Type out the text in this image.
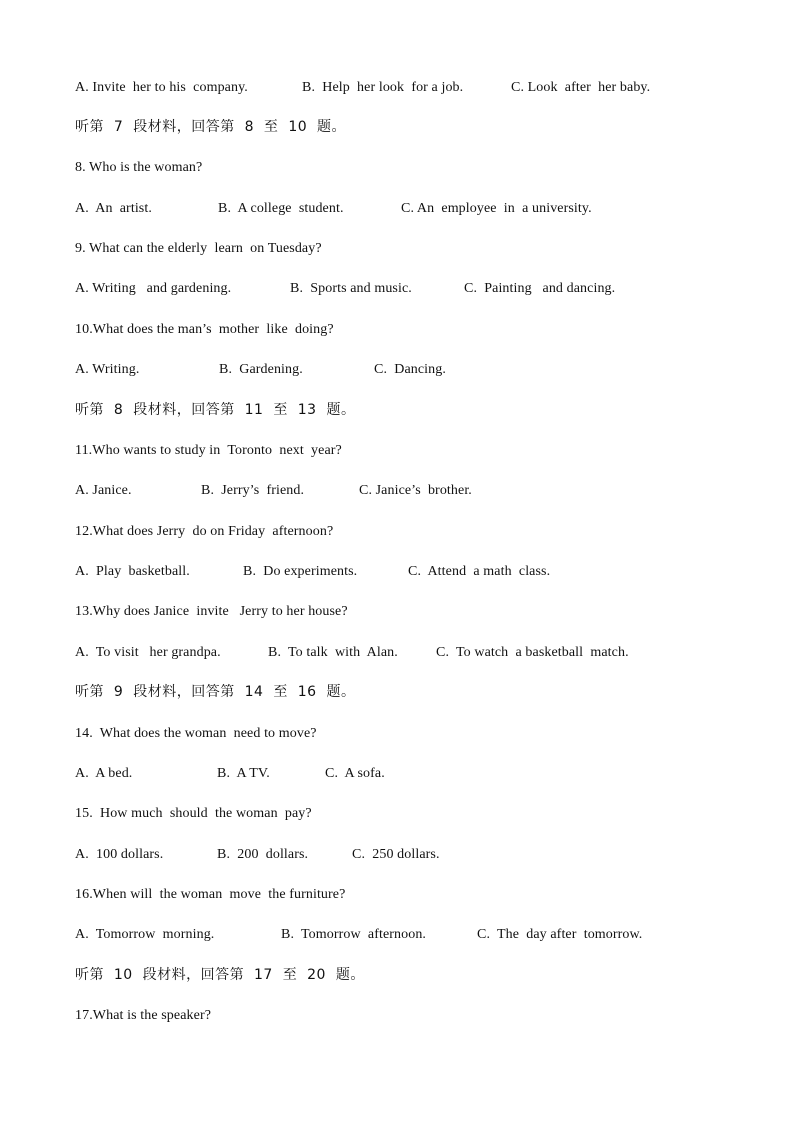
A. Invite  her to his  company.	B.  Help  her look  for a job.	C. Look  after  her baby.
听第  7  段材料，回答第  8  至  10  题。
8. Who is the woman?
A.  An  artist.	B.  A college  student.	C. An  employee  in  a university.
9. What can the elderly  learn  on Tuesday?
A. Writing   and gardening.	B.  Sports and music.	C.  Painting   and dancing.
10.What does the man’s  mother  like  doing?
A. Writing.	B.  Gardening.	C.  Dancing.
听第  8  段材料，回答第  11  至  13  题。
11.Who wants to study in  Toronto  next  year?
A. Janice.	B.  Jerry’s  friend.	C. Janice’s  brother.
12.What does Jerry  do on Friday  afternoon?
A.  Play  basketball.	B.  Do experiments.	C.  Attend  a math  class.
13.Why does Janice  invite   Jerry to her house?
A.  To visit   her grandpa.	B.  To talk  with  Alan.	C.  To watch  a basketball  match.
听第  9  段材料，回答第  14  至  16  题。
14.  What does the woman  need to move?
A.  A bed.	B.  A TV.	C.  A sofa.
15.  How much  should  the woman  pay?
A.  100 dollars.	B.  200  dollars.	C.  250 dollars.
16.When will  the woman  move  the furniture?
A.  Tomorrow  morning.	B.  Tomorrow  afternoon.	C.  The  day after  tomorrow.
听第  10  段材料，回答第  17  至  20  题。
17.What is the speaker?
